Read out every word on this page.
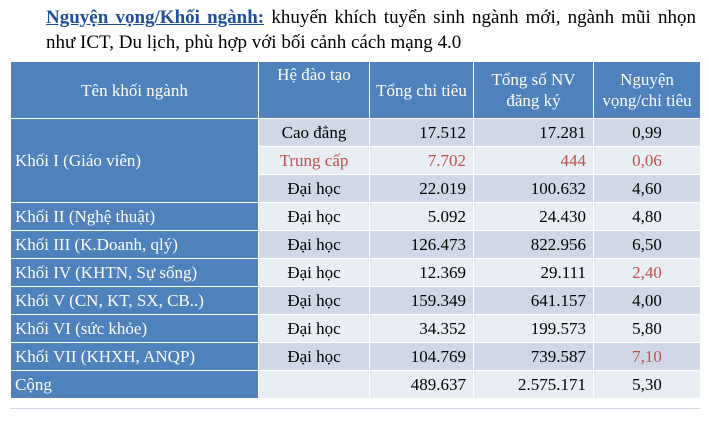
Nguyện vọng/Khối ngành: khuyến khích tuyển sinh ngành mới, ngành mũi nhọn như ICT, Du lịch, phù hợp với bối cảnh cách mạng 4.0
Tên khối ngành	Hệ đào tạo	Tổng chỉ tiêu	Tổng số NV đăng ký	Nguyện vọng/chỉ tiêu
Khối I (Giáo viên)	Cao đẳng	17.512	17.281	0,99
	Trung cấp	7.702	444	0,06
	Đại học	22.019	100.632	4,60
Khối II (Nghệ thuật)	Đại học	5.092	24.430	4,80
Khối III (K.Doanh, qlý)	Đại học	126.473	822.956	6,50
Khối IV (KHTN, Sự sống)	Đại học	12.369	29.111	2,40
Khối V (CN, KT, SX, CB..)	Đại học	159.349	641.157	4,00
Khối VI (sức khỏe)	Đại học	34.352	199.573	5,80
Khối VII (KHXH, ANQP)	Đại học	104.769	739.587	7,10
Cộng		489.637	2.575.171	5,30
